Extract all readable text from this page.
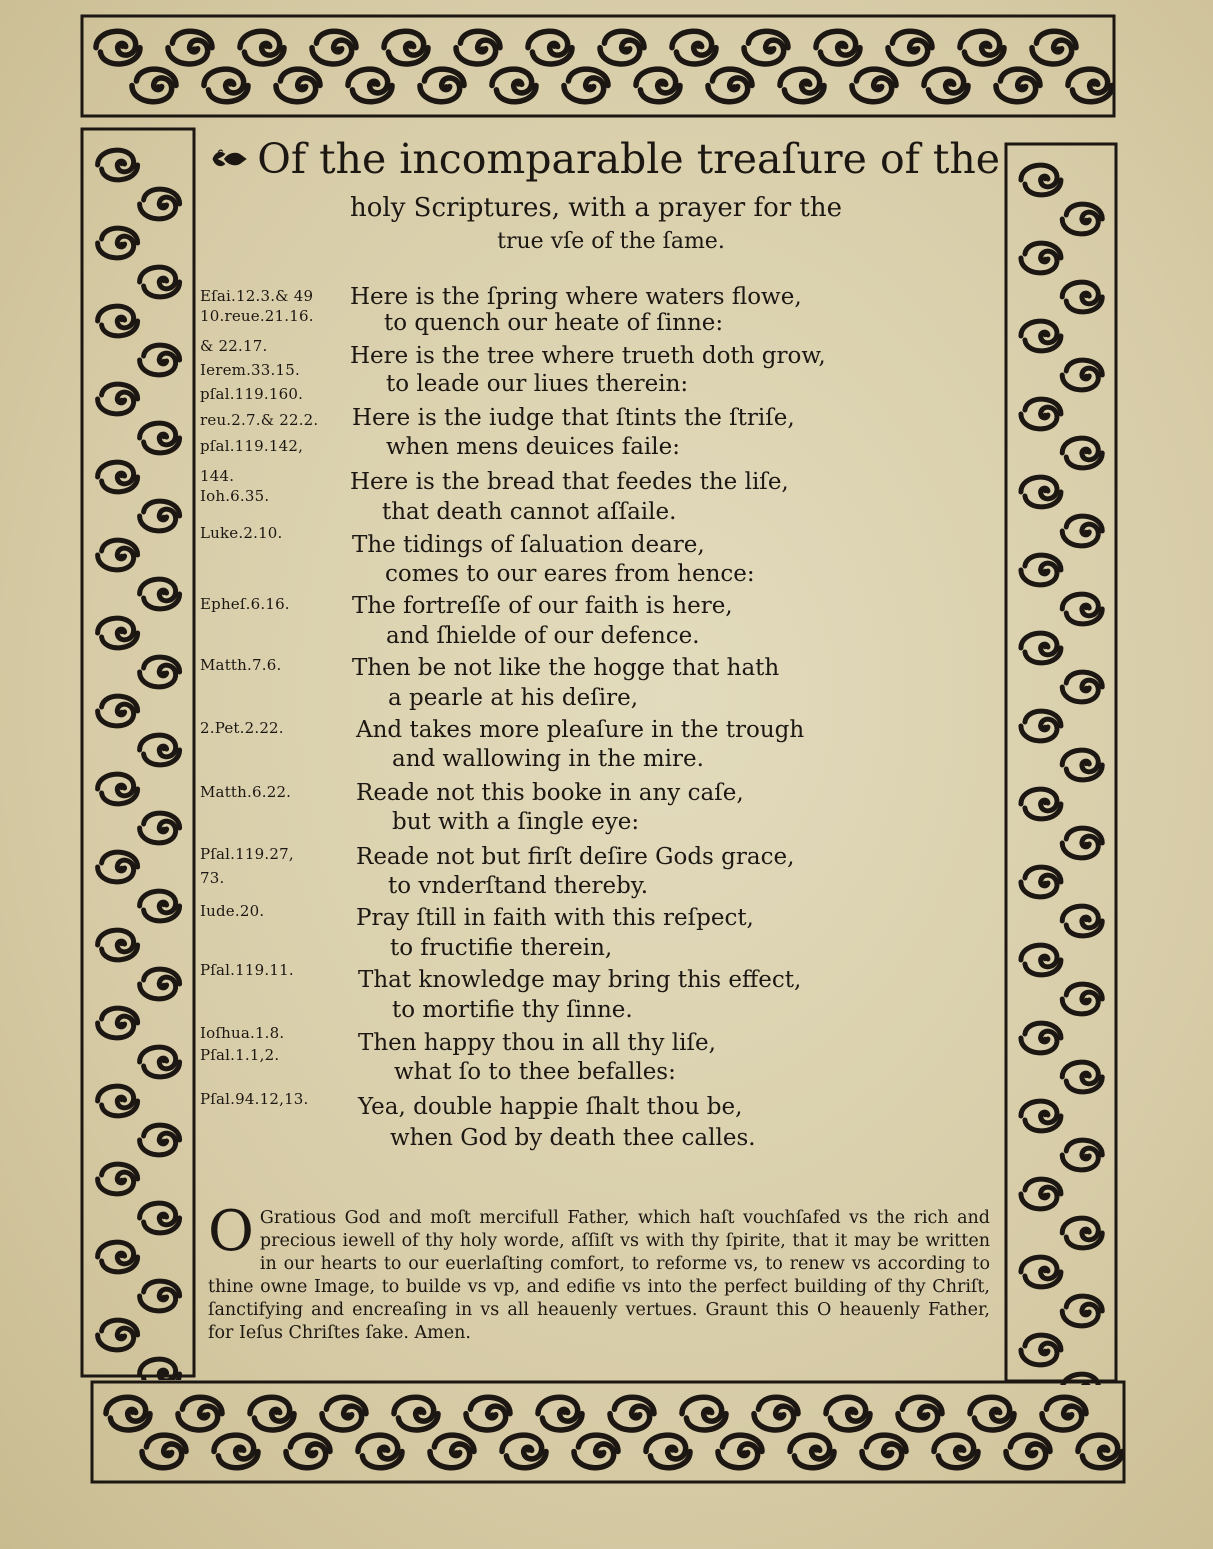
Of the incomparable treaſure of the
holy Scriptures, with a prayer for the
true vſe of the ſame.
Eſai.12.3.& 49
10.reue.21.16.
& 22.17.
Ierem.33.15.
pſal.119.160.
reu.2.7.& 22.2.
pſal.119.142,
144.
Ioh.6.35.
Luke.2.10.
Epheſ.6.16.
Matth.7.6.
2.Pet.2.22.
Matth.6.22.
Pſal.119.27,
73.
Iude.20.
Pſal.119.11.
Ioſhua.1.8.
Pſal.1.1,2.
Pſal.94.12,13.
Here is the ſpring where waters flowe,
to quench our heate of ſinne:
Here is the tree where trueth doth grow,
to leade our liues therein:
Here is the iudge that ſtints the ſtriſe,
when mens deuices faile:
Here is the bread that feedes the liſe,
that death cannot aſſaile.
The tidings of ſaluation deare,
comes to our eares from hence:
The fortreſſe of our faith is here,
and ſhielde of our defence.
Then be not like the hogge that hath
a pearle at his deſire,
And takes more pleaſure in the trough
and wallowing in the mire.
Reade not this booke in any caſe,
but with a ſingle eye:
Reade not but firſt deſire Gods grace,
to vnderſtand thereby.
Pray ſtill in faith with this reſpect,
to fructifie therein,
That knowledge may bring this effect,
to mortifie thy ſinne.
Then happy thou in all thy liſe,
what ſo to thee befalles:
Yea, double happie ſhalt thou be,
when God by death thee calles.
O Gratious God and moſt mercifull Father, which haſt vouchſafed vs the rich and precious iewell of thy holy worde, aſſiſt vs with thy ſpirite, that it may be written in our hearts to our euerlaſting comfort, to reforme vs, to renew vs according to thine owne Image, to builde vs vp, and edifie vs into the perfect building of thy Chriſt, ſanctifying and encreaſing in vs all heauenly vertues. Graunt this O heauenly Father, for Ieſus Chriſtes ſake. Amen.
